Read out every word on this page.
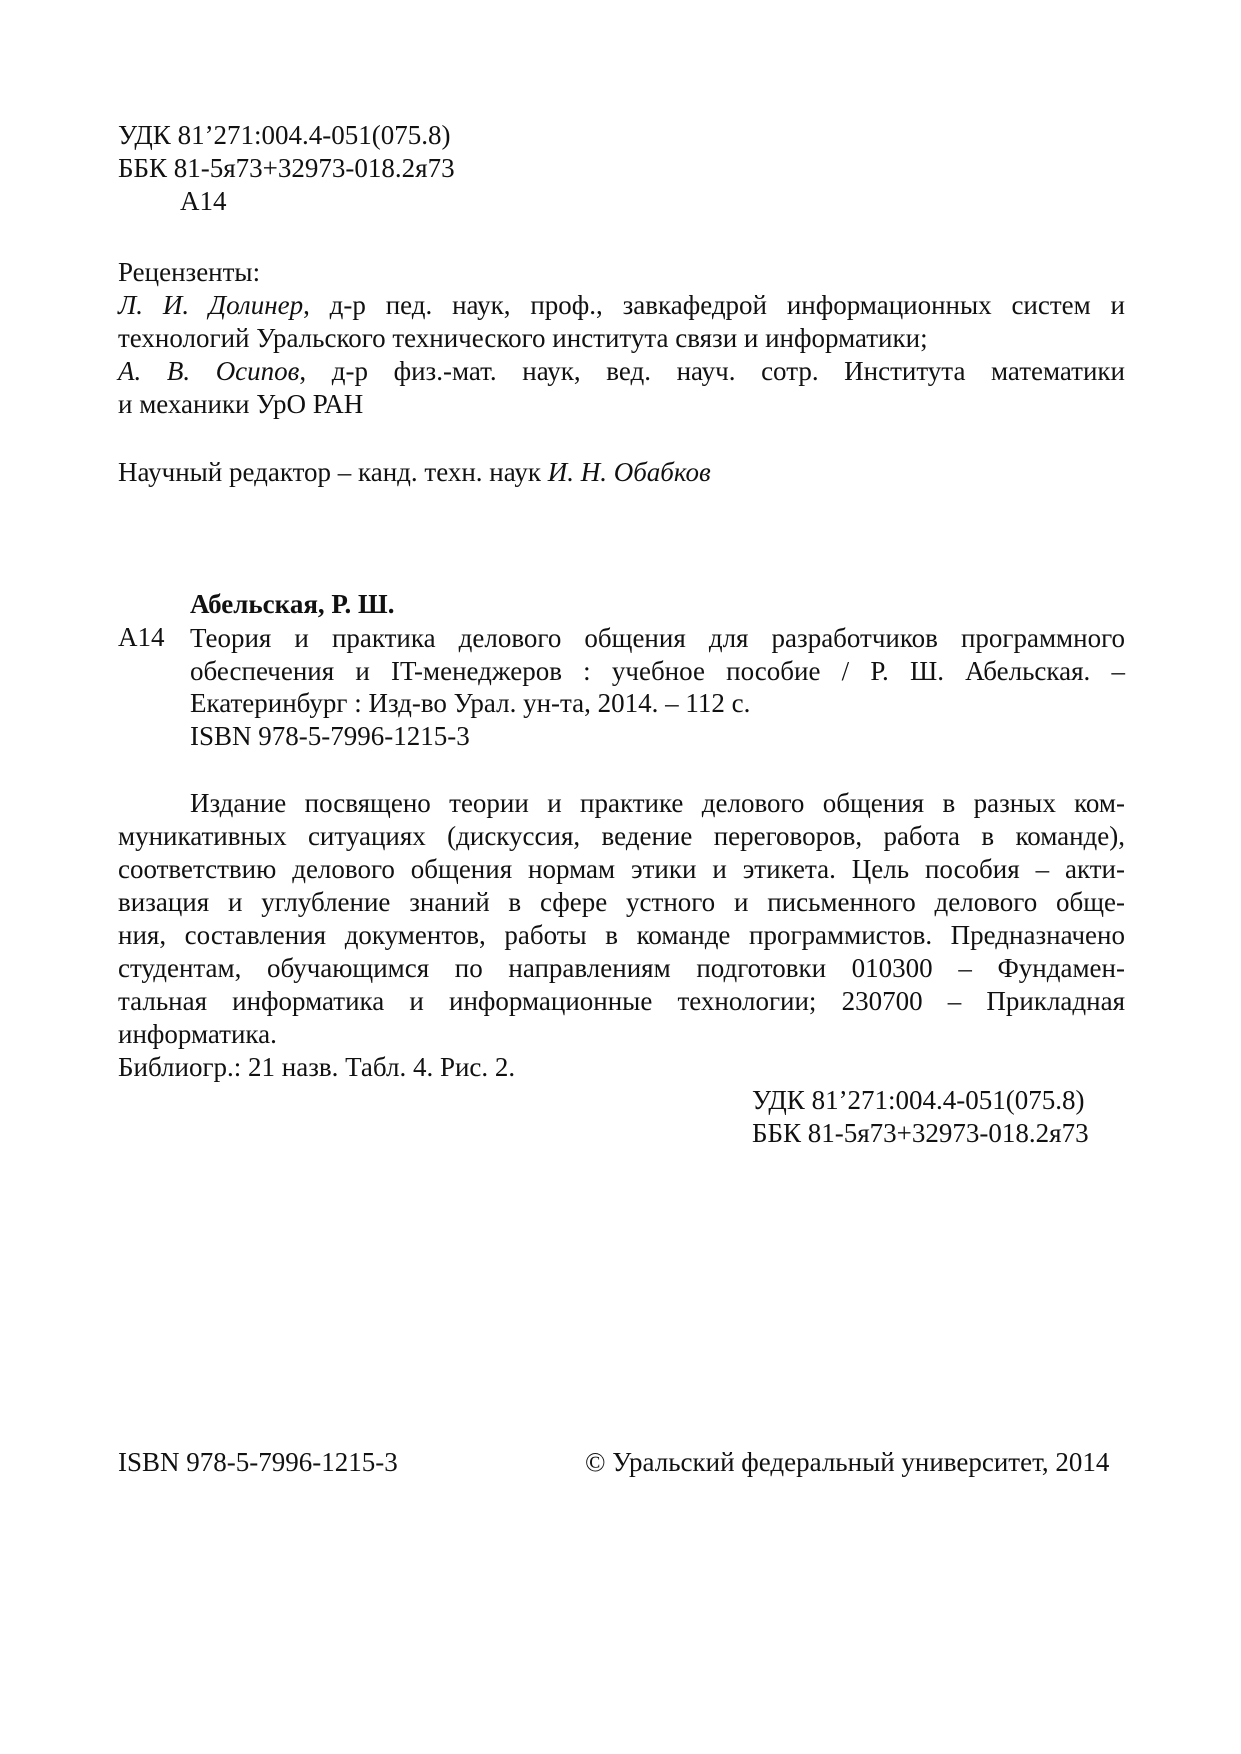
УДК 81’271:004.4-051(075.8)
ББК 81-5я73+32973-018.2я73
А14
Рецензенты:
Л. И. Долинер, д-р пед. наук, проф., завкафедрой информационных систем и
технологий Уральского технического института связи и информатики;
А. В. Осипов, д-р физ.-мат. наук, вед. науч. сотр. Института математики
и механики УрО РАН
Научный редактор – канд. техн. наук И. Н. Обабков
Абельская, Р. Ш.
А14 Теория и практика делового общения для разработчиков программного
обеспечения и IT-менеджеров : учебное пособие / Р. Ш. Абельская. –
Екатеринбург : Изд-во Урал. ун-та, 2014. – 112 с.
ISBN 978-5-7996-1215-3
Издание посвящено теории и практике делового общения в разных ком-
муникативных ситуациях (дискуссия, ведение переговоров, работа в команде),
соответствию делового общения нормам этики и этикета. Цель пособия – акти-
визация и углубление знаний в сфере устного и письменного делового обще-
ния, составления документов, работы в команде программистов. Предназначено
студентам, обучающимся по направлениям подготовки 010300 – Фундамен-
тальная информатика и информационные технологии; 230700 – Прикладная
информатика.
Библиогр.: 21 назв. Табл. 4. Рис. 2.
УДК 81’271:004.4-051(075.8)
ББК 81-5я73+32973-018.2я73
ISBN 978-5-7996-1215-3	© Уральский федеральный университет, 2014
